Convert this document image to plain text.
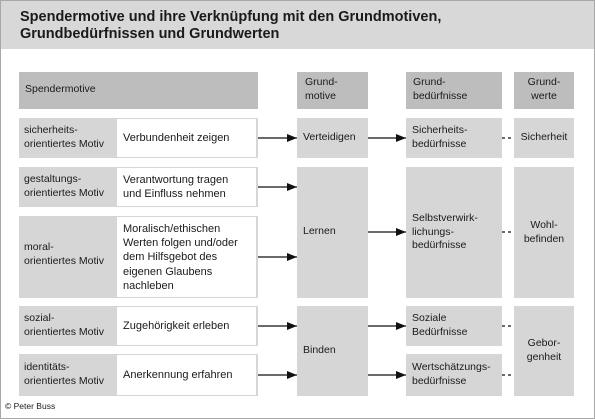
Spendermotive und ihre Verknüpfung mit den Grundmotiven,
Grundbedürfnissen und Grundwerten
Spendermotive
Grund-
motive
Grund-
bedürfnisse
Grund-
werte
sicherheits-
orientiertes Motiv Verbundenheit zeigen
gestaltungs-
orientiertes Motiv
Verantwortung tragen
und Einfluss nehmen
moral-
orientiertes Motiv
Moralisch/ethischen
Werten folgen und/oder
dem Hilfsgebot des
eigenen Glaubens
nachleben
sozial-
orientiertes Motiv Zugehörigkeit erleben
identitäts-
orientiertes Motiv Anerkennung erfahren
Verteidigen
Lernen
Binden
Sicherheits-
bedürfnisse
Selbstverwirk-
lichungs-
bedürfnisse
Soziale
Bedürfnisse
Wertschätzungs-
bedürfnisse
Sicherheit
Wohl-
befinden
Gebor-
genheit
© Peter Buss
